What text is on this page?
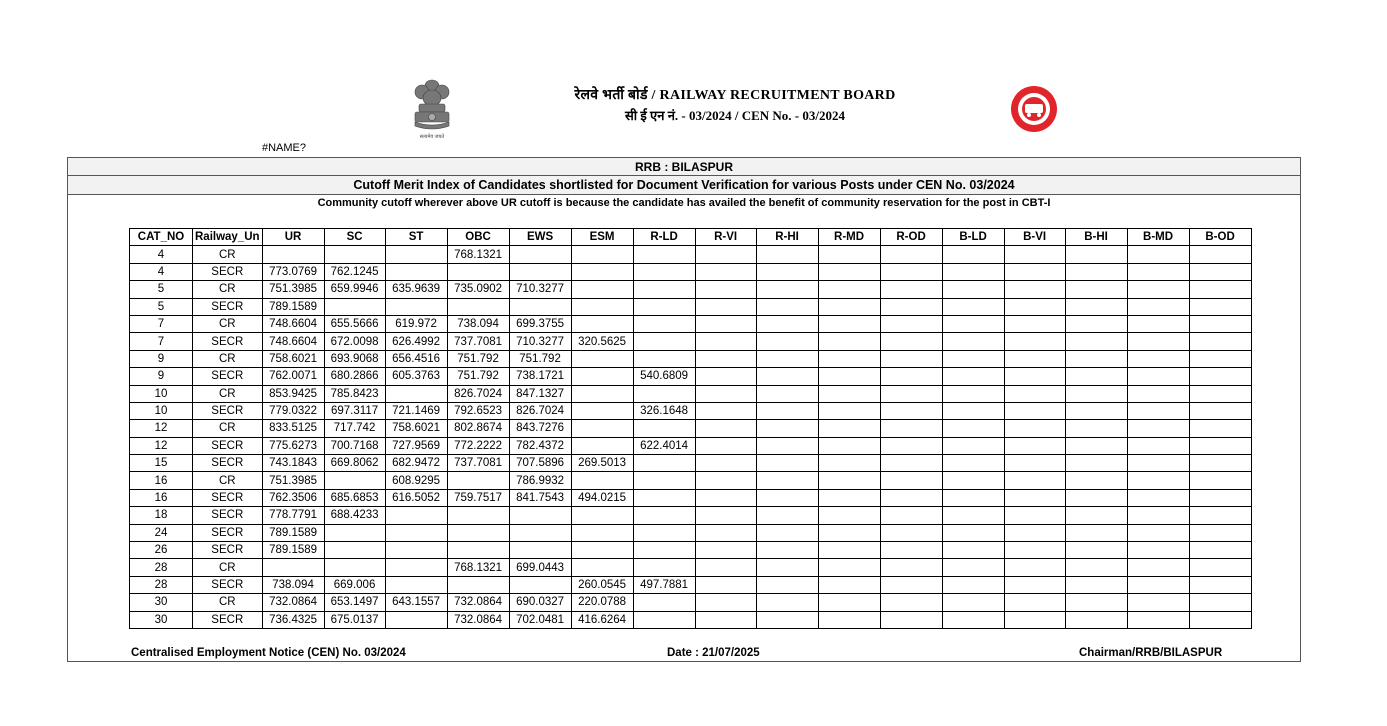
सत्यमेव जयते
रेलवे भर्ती बोर्ड / RAILWAY RECRUITMENT BOARD
सी ई एन नं. - 03/2024 / CEN No. - 03/2024
#NAME?
RRB : BILASPUR
Cutoff Merit Index of Candidates shortlisted for Document Verification for various Posts under CEN No. 03/2024
Community cutoff wherever above UR cutoff is because the candidate has availed the benefit of community reservation for the post in CBT-I
CAT_NO	Railway_Un	UR	SC	ST	OBC	EWS	ESM	R-LD	R-VI	R-HI	R-MD	R-OD	B-LD	B-VI	B-HI	B-MD	B-OD
4	CR				768.1321												
4	SECR	773.0769	762.1245														
5	CR	751.3985	659.9946	635.9639	735.0902	710.3277											
5	SECR	789.1589															
7	CR	748.6604	655.5666	619.972	738.094	699.3755											
7	SECR	748.6604	672.0098	626.4992	737.7081	710.3277	320.5625										
9	CR	758.6021	693.9068	656.4516	751.792	751.792											
9	SECR	762.0071	680.2866	605.3763	751.792	738.1721		540.6809									
10	CR	853.9425	785.8423		826.7024	847.1327											
10	SECR	779.0322	697.3117	721.1469	792.6523	826.7024		326.1648									
12	CR	833.5125	717.742	758.6021	802.8674	843.7276											
12	SECR	775.6273	700.7168	727.9569	772.2222	782.4372		622.4014									
15	SECR	743.1843	669.8062	682.9472	737.7081	707.5896	269.5013										
16	CR	751.3985		608.9295		786.9932											
16	SECR	762.3506	685.6853	616.5052	759.7517	841.7543	494.0215										
18	SECR	778.7791	688.4233														
24	SECR	789.1589															
26	SECR	789.1589															
28	CR				768.1321	699.0443											
28	SECR	738.094	669.006				260.0545	497.7881									
30	CR	732.0864	653.1497	643.1557	732.0864	690.0327	220.0788										
30	SECR	736.4325	675.0137		732.0864	702.0481	416.6264										
Centralised Employment Notice (CEN) No. 03/2024	Date : 21/07/2025	Chairman/RRB/BILASPUR
